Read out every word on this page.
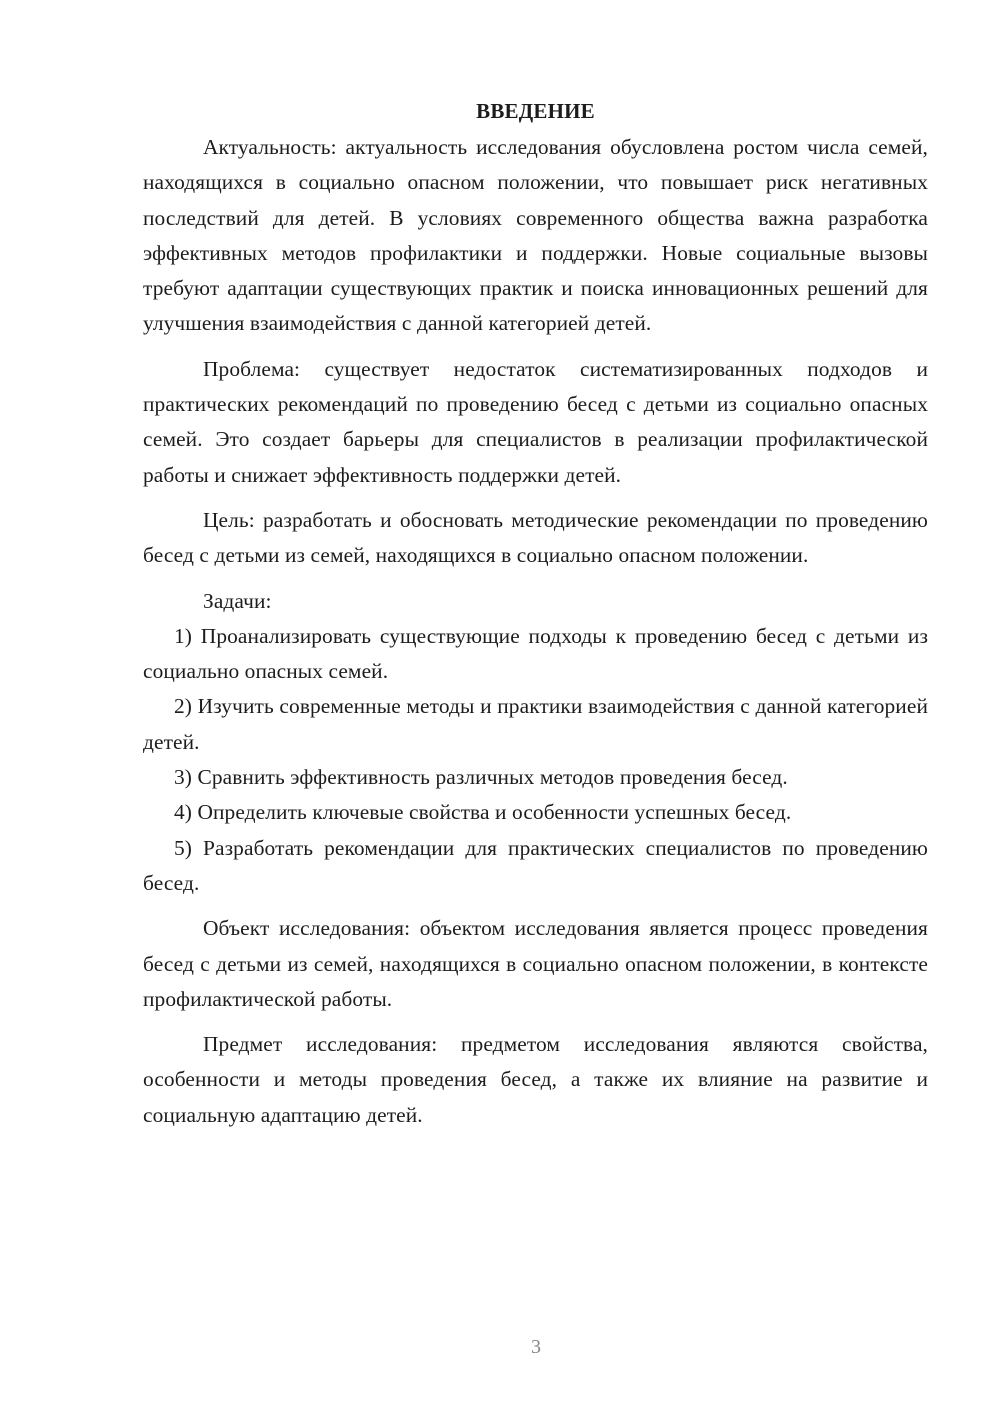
ВВЕДЕНИЕ

Актуальность: актуальность исследования обусловлена ростом числа семей, находящихся в социально опасном положении, что повышает риск негативных последствий для детей. В условиях современного общества важна разработка эффективных методов профилактики и поддержки. Новые социальные вызовы требуют адаптации существующих практик и поиска инновационных решений для улучшения взаимодействия с данной категорией детей.

Проблема: существует недостаток систематизированных подходов и практических рекомендаций по проведению бесед с детьми из социально опасных семей. Это создает барьеры для специалистов в реализации профилактической работы и снижает эффективность поддержки детей.

Цель: разработать и обосновать методические рекомендации по проведению бесед с детьми из семей, находящихся в социально опасном положении.

Задачи:

1) Проанализировать существующие подходы к проведению бесед с детьми из социально опасных семей.

2) Изучить современные методы и практики взаимодействия с данной категорией детей.

3) Сравнить эффективность различных методов проведения бесед.

4) Определить ключевые свойства и особенности успешных бесед.

5) Разработать рекомендации для практических специалистов по проведению бесед.

Объект исследования: объектом исследования является процесс проведения бесед с детьми из семей, находящихся в социально опасном положении, в контексте профилактической работы.

Предмет исследования: предметом исследования являются свойства, особенности и методы проведения бесед, а также их влияние на развитие и социальную адаптацию детей.

3
